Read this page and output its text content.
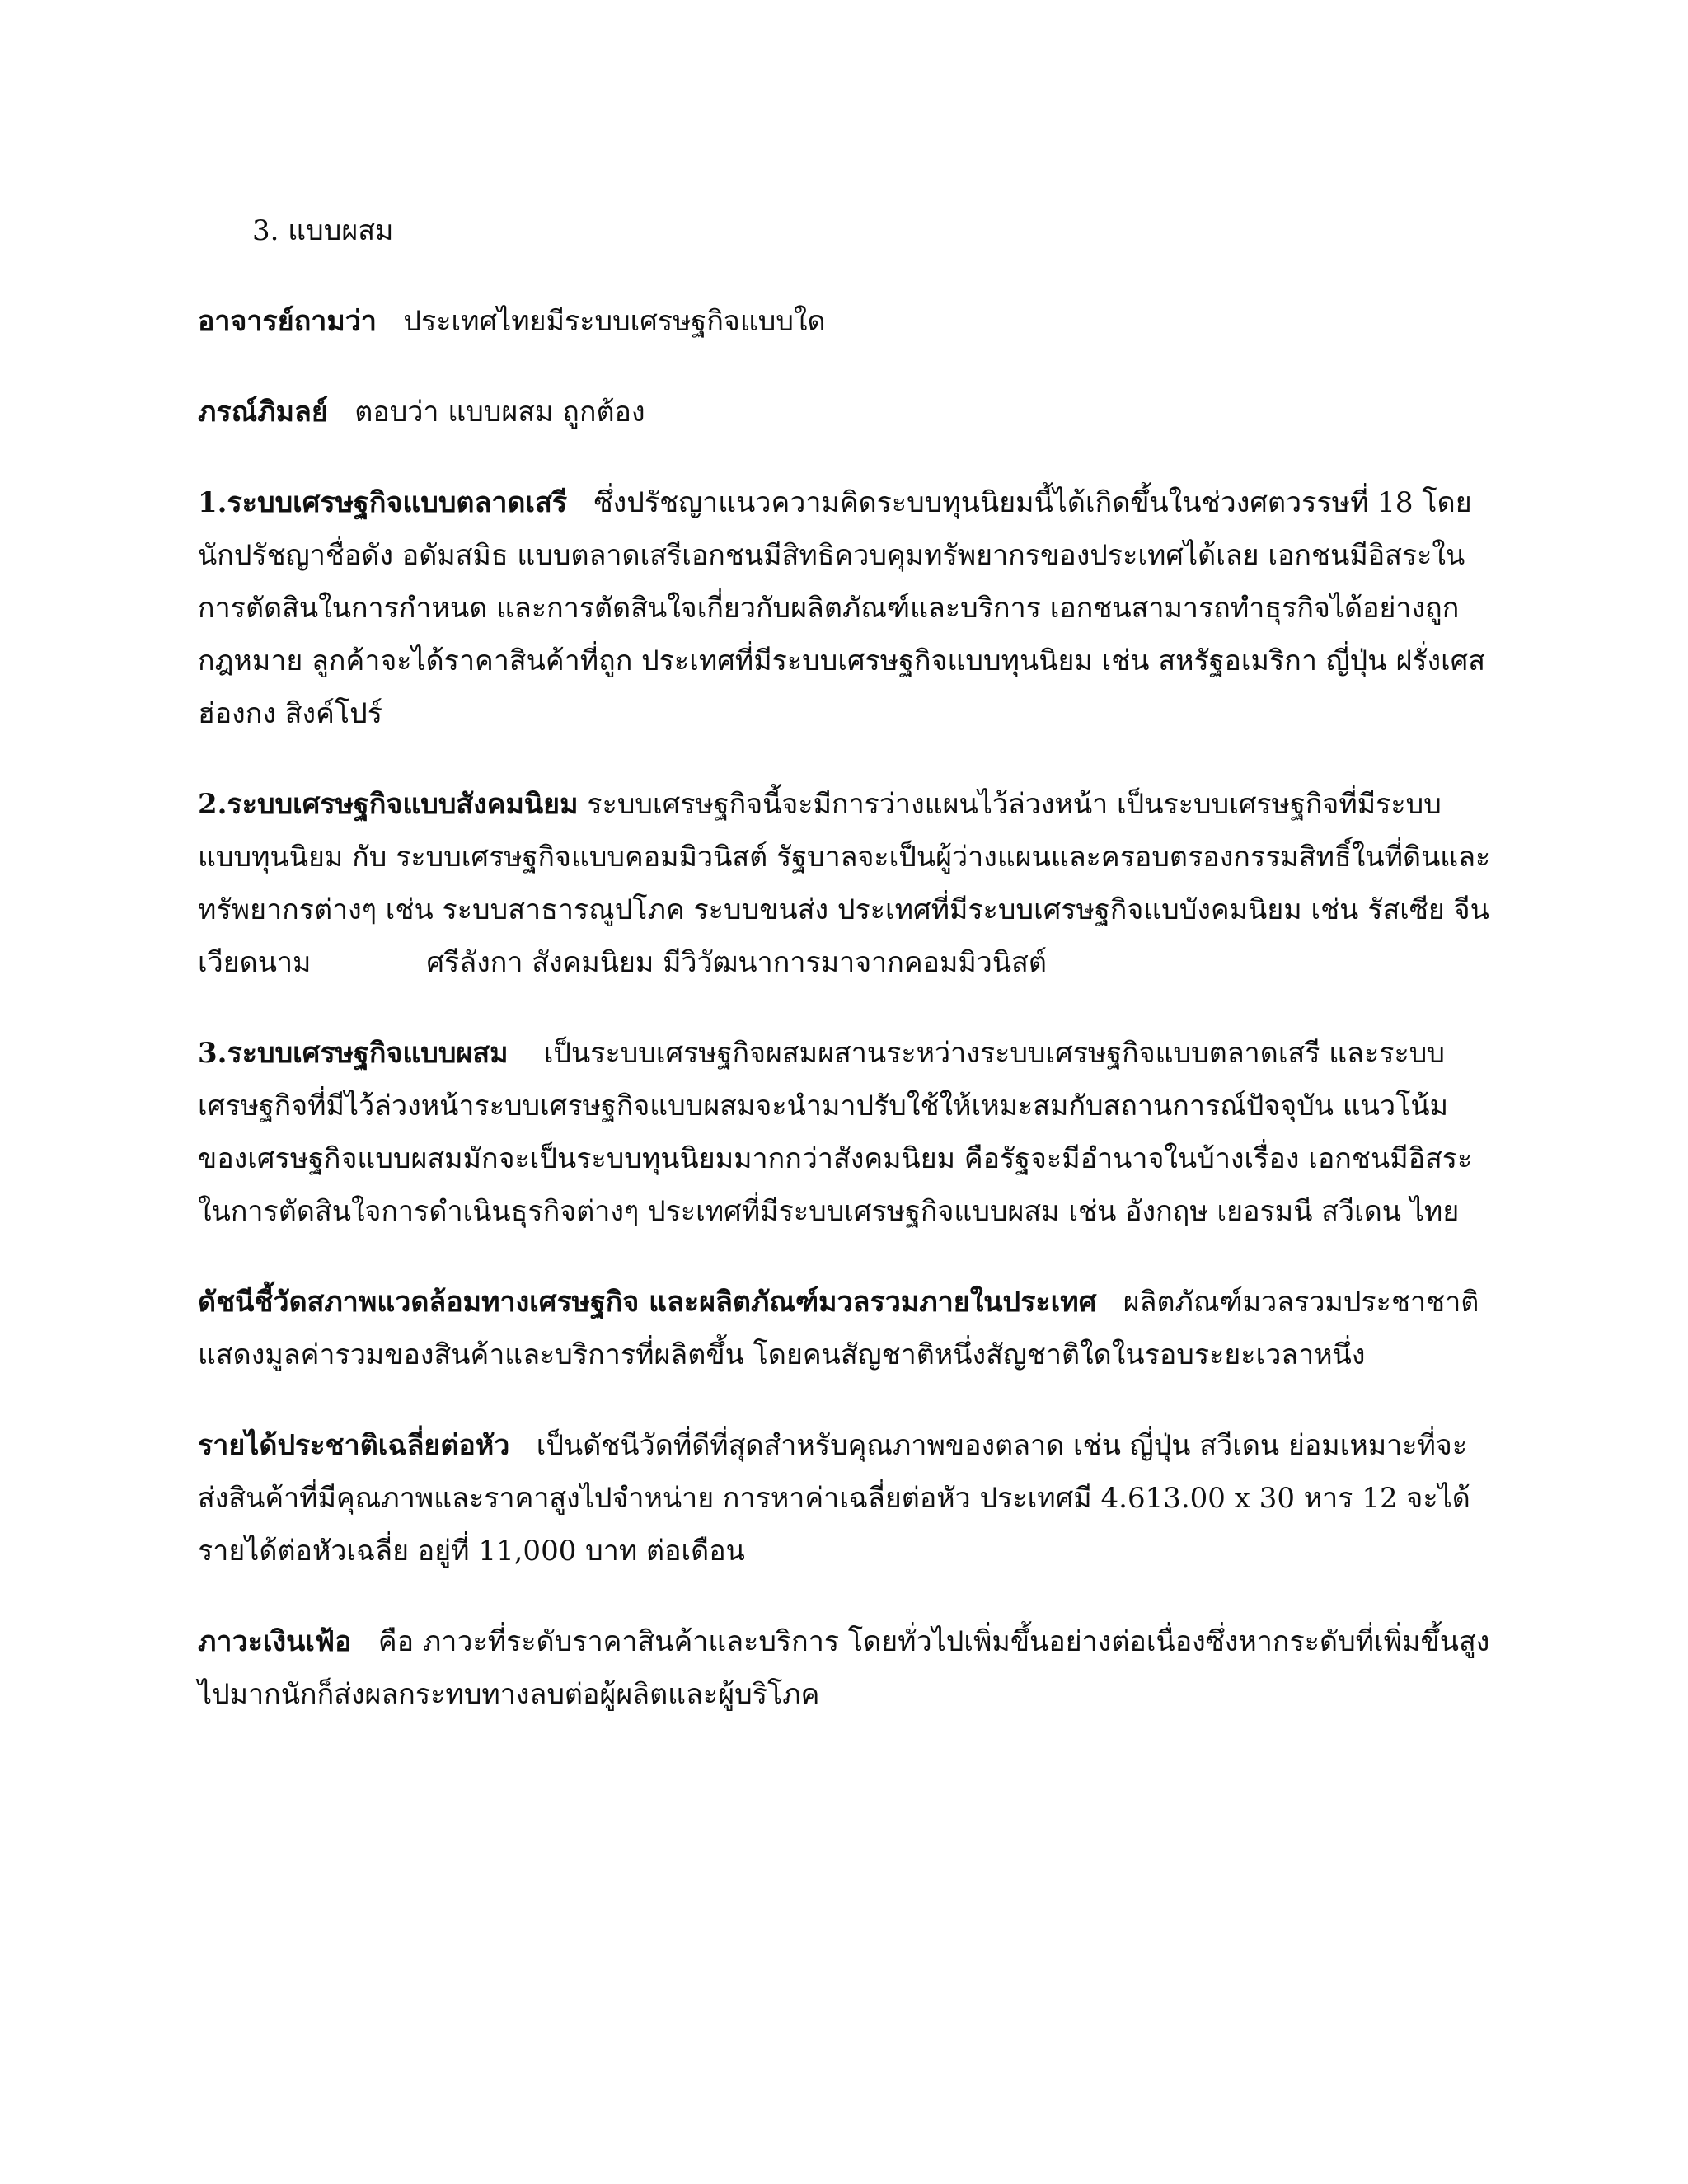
3. แบบผสม

อาจารย์ถามว่า ประเทศไทยมีระบบเศรษฐกิจแบบใด

ภรณ์ภิมลย์ ตอบว่า แบบผสม ถูกต้อง

1.ระบบเศรษฐกิจแบบตลาดเสรี ซึ่งปรัชญาแนวความคิดระบบทุนนิยมนี้ได้เกิดขึ้นในช่วงศตวรรษที่ 18 โดยนักปรัชญาชื่อดัง อดัมสมิธ แบบตลาดเสรีเอกชนมีสิทธิควบคุมทรัพยากรของประเทศได้เลย เอกชนมีอิสระในการตัดสินในการกำหนด และการตัดสินใจเกี่ยวกับผลิตภัณฑ์และบริการ เอกชนสามารถทำธุรกิจได้อย่างถูกกฎหมาย ลูกค้าจะได้ราคาสินค้าที่ถูก ประเทศที่มีระบบเศรษฐกิจแบบทุนนิยม เช่น สหรัฐอเมริกา ญี่ปุ่น ฝรั่งเศส ฮ่องกง สิงค์โปร์

2.ระบบเศรษฐกิจแบบสังคมนิยม ระบบเศรษฐกิจนี้จะมีการว่างแผนไว้ล่วงหน้า เป็นระบบเศรษฐกิจที่มีระบบแบบทุนนิยม กับ ระบบเศรษฐกิจแบบคอมมิวนิสต์ รัฐบาลจะเป็นผู้ว่างแผนและครอบตรองกรรมสิทธิ์ในที่ดินและทรัพยากรต่างๆ เช่น ระบบสาธารณูปโภค ระบบขนส่ง ประเทศที่มีระบบเศรษฐกิจแบบังคมนิยม เช่น รัสเซีย จีน เวียดนาม	ศรีลังกา สังคมนิยม มีวิวัฒนาการมาจากคอมมิวนิสต์

3.ระบบเศรษฐกิจแบบผสม เป็นระบบเศรษฐกิจผสมผสานระหว่างระบบเศรษฐกิจแบบตลาดเสรี และระบบเศรษฐกิจที่มีไว้ล่วงหน้าระบบเศรษฐกิจแบบผสมจะนำมาปรับใช้ให้เหมะสมกับสถานการณ์ปัจจุบัน แนวโน้มของเศรษฐกิจแบบผสมมักจะเป็นระบบทุนนิยมมากกว่าสังคมนิยม คือรัฐจะมีอำนาจในบ้างเรื่อง เอกชนมีอิสระในการตัดสินใจการดำเนินธุรกิจต่างๆ ประเทศที่มีระบบเศรษฐกิจแบบผสม เช่น อังกฤษ เยอรมนี สวีเดน ไทย

ดัชนีชี้วัดสภาพแวดล้อมทางเศรษฐกิจ และผลิตภัณฑ์มวลรวมภายในประเทศ ผลิตภัณฑ์มวลรวมประชาชาติ แสดงมูลค่ารวมของสินค้าและบริการที่ผลิตขึ้น โดยคนสัญชาติหนึ่งสัญชาติใดในรอบระยะเวลาหนึ่ง

รายได้ประชาติเฉลี่ยต่อหัว เป็นดัชนีวัดที่ดีที่สุดสำหรับคุณภาพของตลาด เช่น ญี่ปุ่น สวีเดน ย่อมเหมาะที่จะส่งสินค้าที่มีคุณภาพและราคาสูงไปจำหน่าย การหาค่าเฉลี่ยต่อหัว ประเทศมี 4.613.00 x 30 หาร 12 จะได้รายได้ต่อหัวเฉลี่ย อยู่ที่ 11,000 บาท ต่อเดือน

ภาวะเงินเฟ้อ คือ ภาวะที่ระดับราคาสินค้าและบริการ โดยทั่วไปเพิ่มขึ้นอย่างต่อเนื่องซึ่งหากระดับที่เพิ่มขึ้นสูงไปมากนักก็ส่งผลกระทบทางลบต่อผู้ผลิตและผู้บริโภค
